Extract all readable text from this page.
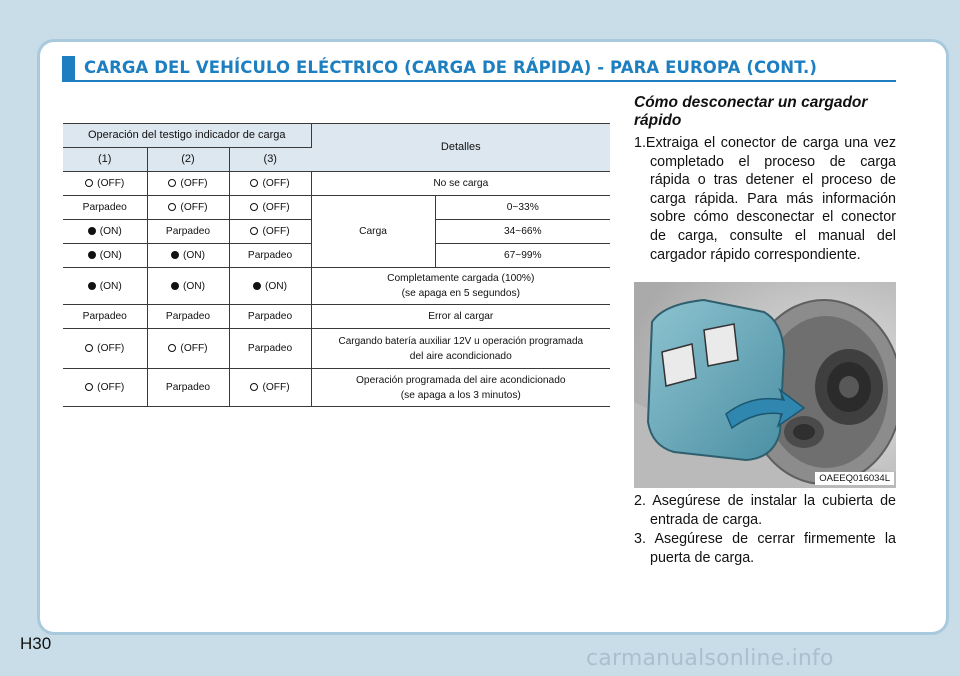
CARGA DEL VEHÍCULO ELÉCTRICO (CARGA DE RÁPIDA) - PARA EUROPA (CONT.)
Operación del testigo indicador de carga			Detalles	
(1)	(2)	(3)		
(OFF)	(OFF)	(OFF)	No se carga	
Parpadeo	(OFF)	(OFF)	Carga	0~33%
(ON)	Parpadeo	(OFF)		34~66%
(ON)	(ON)	Parpadeo		67~99%
(ON)	(ON)	(ON)	Completamente cargada (100%)
(se apaga en 5 segundos)	

Parpadeo	Parpadeo	Parpadeo	Error al cargar	
(OFF)	(OFF)	Parpadeo	Cargando batería auxiliar 12V u operación programada
del aire acondicionado	

(OFF)	Parpadeo	(OFF)	Operación programada del aire acondicionado
(se apaga a los 3 minutos)	
Cómo desconectar un cargador
rápido
1.Extraiga el conector de carga una vez completado el proceso de carga rápida o tras detener el proceso de carga rápida. Para más información sobre cómo desconectar el conector de carga, consulte el manual del cargador rápido correspondiente.
OAEEQ016034L
2. Asegúrese de instalar la cubierta de entrada de carga.
3. Asegúrese de cerrar firmemente la puerta de carga.
H30
carmanualsonline.info
